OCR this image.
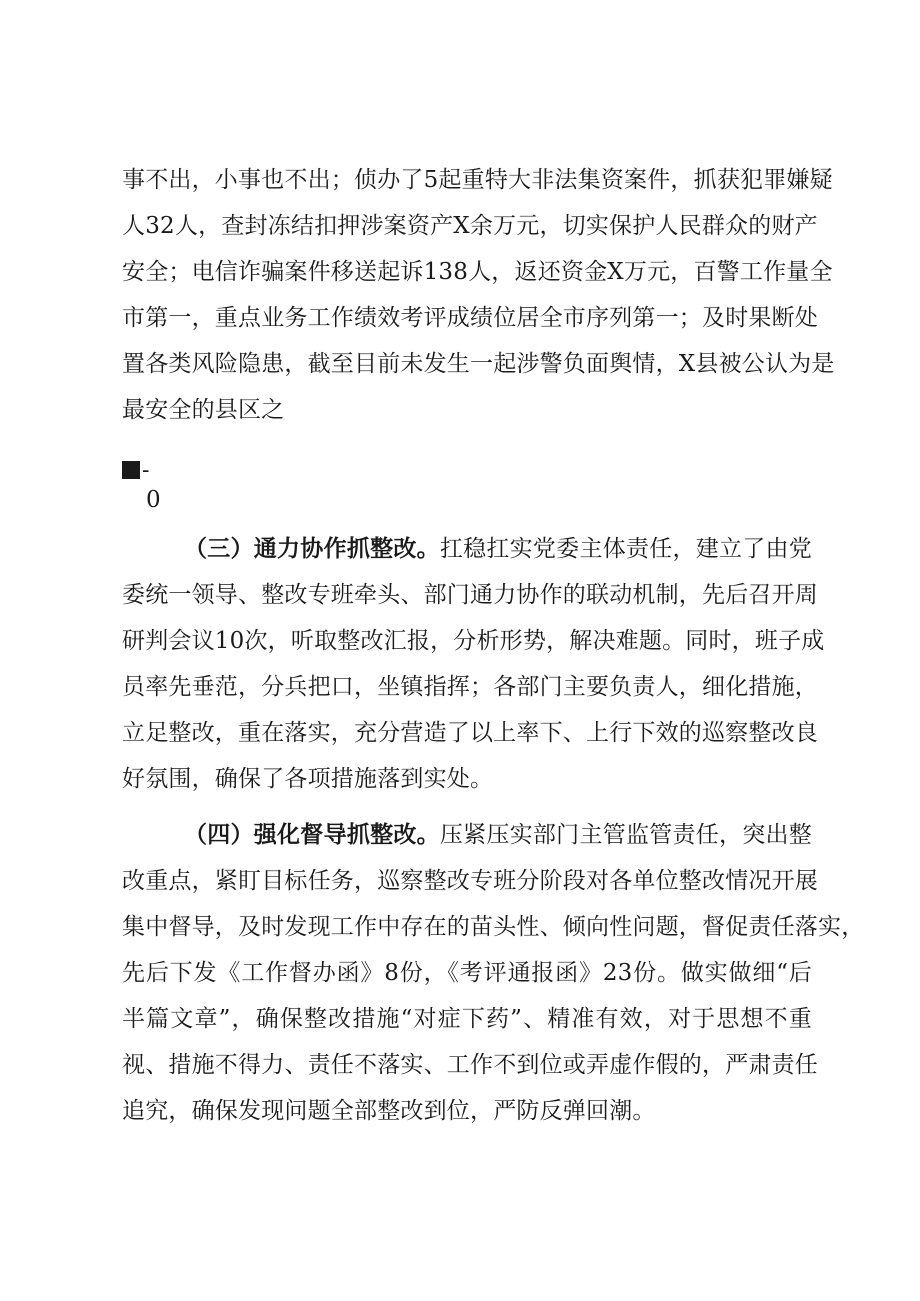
事不出，小事也不出；侦办了5起重特大非法集资案件，抓获犯罪嫌疑
人32人，查封冻结扣押涉案资产X余万元，切实保护人民群众的财产
安全；电信诈骗案件移送起诉138人，返还资金X万元，百警工作量全
市第一，重点业务工作绩效考评成绩位居全市序列第一；及时果断处
置各类风险隐患，截至目前未发生一起涉警负面舆情，X县被公认为是
最安全的县区之
-
0
（三）通力协作抓整改。扛稳扛实党委主体责任，建立了由党
委统一领导、整改专班牵头、部门通力协作的联动机制，先后召开周
研判会议10次，听取整改汇报，分析形势，解决难题。同时，班子成
员率先垂范，分兵把口，坐镇指挥；各部门主要负责人，细化措施，
立足整改，重在落实，充分营造了以上率下、上行下效的巡察整改良
好氛围，确保了各项措施落到实处。
（四）强化督导抓整改。压紧压实部门主管监管责任，突出整
改重点，紧盯目标任务，巡察整改专班分阶段对各单位整改情况开展
集中督导，及时发现工作中存在的苗头性、倾向性问题，督促责任落实，
先后下发《工作督办函》8份，《考评通报函》23份。做实做细“后
半篇文章”，确保整改措施“对症下药”、精准有效，对于思想不重
视、措施不得力、责任不落实、工作不到位或弄虚作假的，严肃责任
追究，确保发现问题全部整改到位，严防反弹回潮。
